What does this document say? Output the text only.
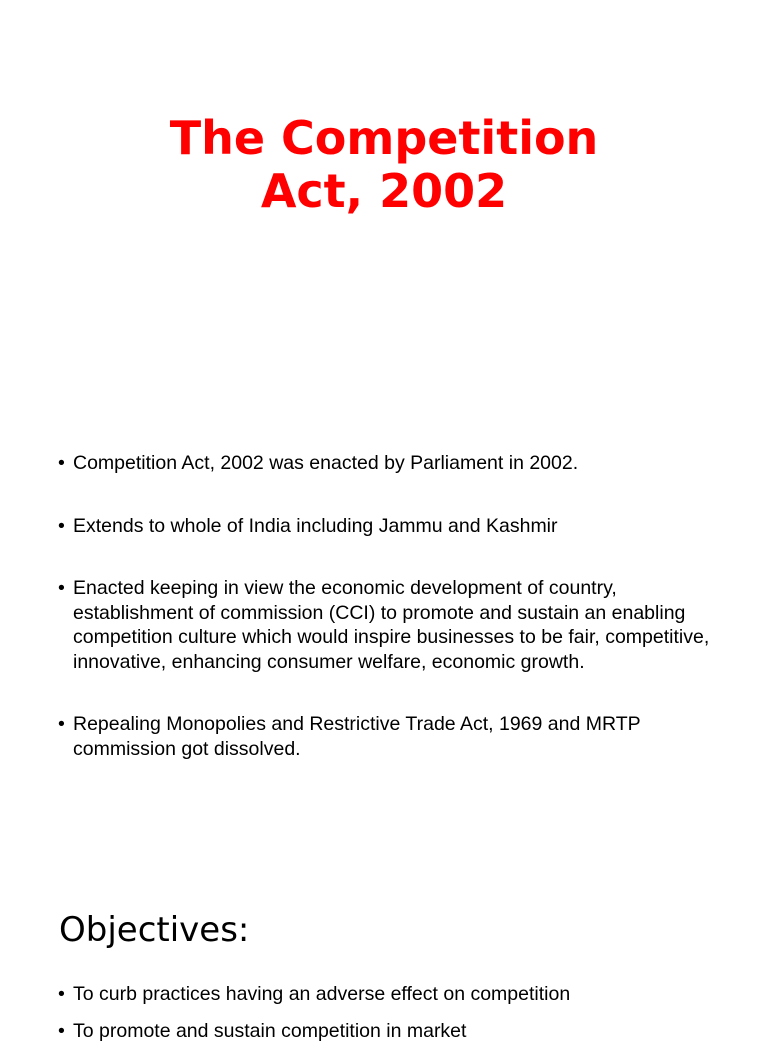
The Competition
Act, 2002
• Competition Act, 2002 was enacted by Parliament in 2002.
• Extends to whole of India including Jammu and Kashmir
• Enacted keeping in view the economic development of country, establishment of commission (CCI) to promote and sustain an enabling competition culture which would inspire businesses to be fair, competitive, innovative, enhancing consumer welfare, economic growth.
• Repealing Monopolies and Restrictive Trade Act, 1969 and MRTP commission got dissolved.
Objectives:
• To curb practices having an adverse effect on competition
• To promote and sustain competition in market
